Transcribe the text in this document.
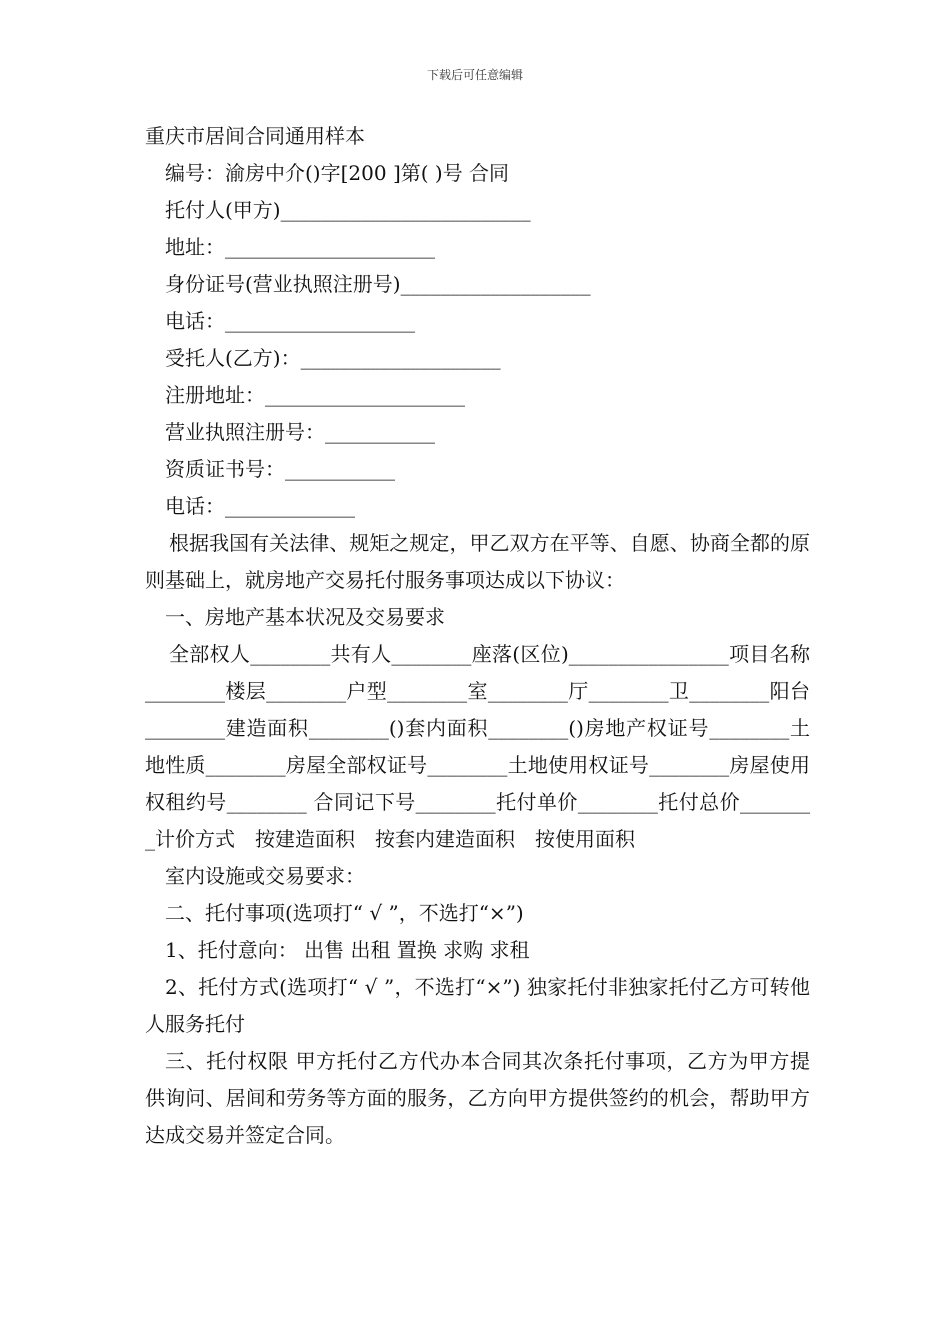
下载后可任意编辑
重庆市居间合同通用样本
编号：渝房中介()字[200 ]第( )号 合同
托付人(甲方)_________________________
地址：_____________________
身份证号(营业执照注册号)___________________
电话：___________________
受托人(乙方)：____________________
注册地址：____________________
营业执照注册号：___________
资质证书号：___________
电话：_____________
根据我国有关法律、规矩之规定，甲乙双方在平等、自愿、协商全都的原则基础上，就房地产交易托付服务事项达成以下协议：
一、房地产基本状况及交易要求
全部权人________共有人________座落(区位)________________项目名称________楼层________户型________室________厅________卫________阳台________建造面积________()套内面积________()房地产权证号________土地性质________房屋全部权证号________土地使用权证号________房屋使用权租约号________ 合同记下号________托付单价________托付总价________计价方式　按建造面积　按套内建造面积　按使用面积
室内设施或交易要求：
二、托付事项(选项打“ √ ”，不选打“×”)
1、托付意向： 出售 出租 置换 求购 求租
2、托付方式(选项打“ √ ”，不选打“×”) 独家托付非独家托付乙方可转他人服务托付
三、托付权限 甲方托付乙方代办本合同其次条托付事项，乙方为甲方提供询问、居间和劳务等方面的服务，乙方向甲方提供签约的机会，帮助甲方达成交易并签定合同。
